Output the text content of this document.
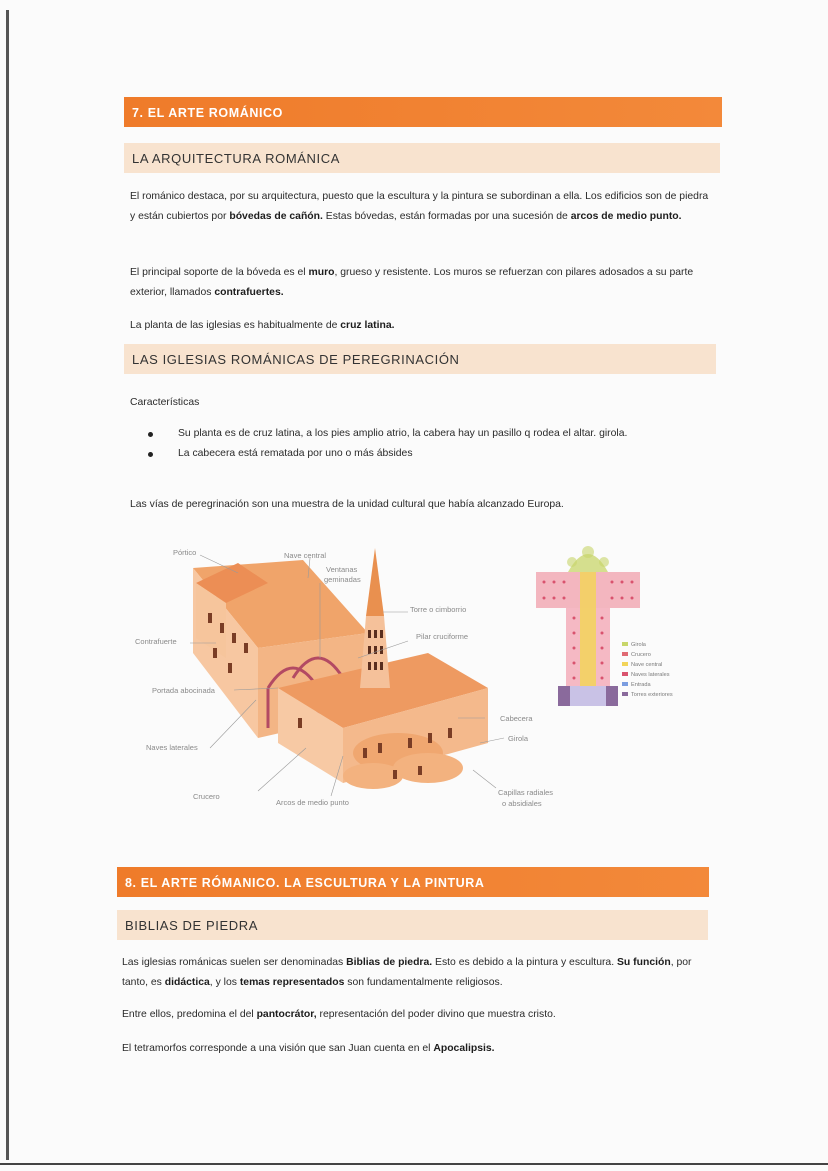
7. EL ARTE ROMÁNICO
LA ARQUITECTURA ROMÁNICA
El románico destaca, por su arquitectura, puesto que la escultura y la pintura se subordinan a ella. Los edificios son de piedra y están cubiertos por bóvedas de cañón. Estas bóvedas, están formadas por una sucesión de arcos de medio punto.
El principal soporte de la bóveda es el muro, grueso y resistente. Los muros se refuerzan con pilares adosados a su parte exterior, llamados contrafuertes.
La planta de las iglesias es habitualmente de cruz latina.
LAS IGLESIAS ROMÁNICAS DE PEREGRINACIÓN
Características
Su planta es de cruz latina, a los pies amplio atrio, la cabera hay un pasillo q rodea el altar. girola.
La cabecera está rematada por uno o más ábsides
Las vías de peregrinación son una muestra de la unidad cultural que había alcanzado Europa.
Pórtico	Nave central
Ventanas
geminadas
Torre o cimborrio
Pilar cruciforme
Contrafuerte
Portada abocinada
Naves laterales
Cabecera
Girola
Crucero
Arcos de medio punto
Capillas radiales
o absidiales
Girola
Crucero
Nave central
Naves laterales
Entrada
Torres exteriores
8. EL ARTE RÓMANICO. LA ESCULTURA Y LA PINTURA
BIBLIAS DE PIEDRA
Las iglesias románicas suelen ser denominadas Biblias de piedra. Esto es debido a la pintura y escultura. Su función, por tanto, es didáctica, y los temas representados son fundamentalmente religiosos.
Entre ellos, predomina el del pantocrátor, representación del poder divino que muestra cristo.
El tetramorfos corresponde a una visión que san Juan cuenta en el Apocalipsis.
